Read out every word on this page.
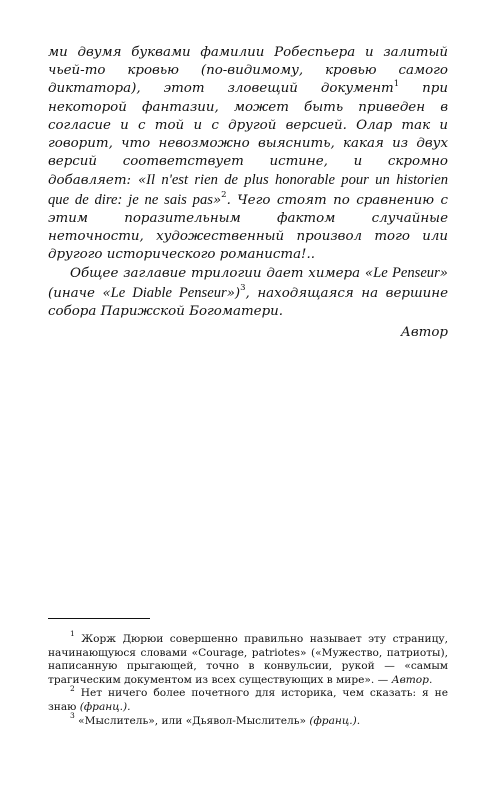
ми двумя буквами фамилии Робеспьера и залитый чьей-то кровью (по-видимому, кровью самого диктатора), этот зловещий документ$^1$ при некоторой фантазии, может быть приведен в согласие и с той и с другой версией. Олар так и говорит, что невозможно выяснить, какая из двух версий соответствует истине, и скромно добавляет: «Il n'est rien de plus honorable pour un historien que de dire: je ne sais pas»$^2$. Чего стоят по сравнению с этим поразительным фактом случайные неточности, художественный произвол того или другого исторического романиста!..

Общее заглавие трилогии дает химера «Le Penseur» (иначе «Le Diable Penseur»)$^3$, находящаяся на вершине собора Парижской Богоматери.

Автор

$^1$ Жорж Дюрюи совершенно правильно называет эту страницу, начинающуюся словами «Courage, patriotes» («Мужество, патриоты), написанную прыгающей, точно в конвульсии, рукой — «самым трагическим документом из всех существующих в мире». — Автор.

$^2$ Нет ничего более почетного для историка, чем сказать: я не знаю (франц.).

$^3$ «Мыслитель», или «Дьявол-Мыслитель» (франц.).
